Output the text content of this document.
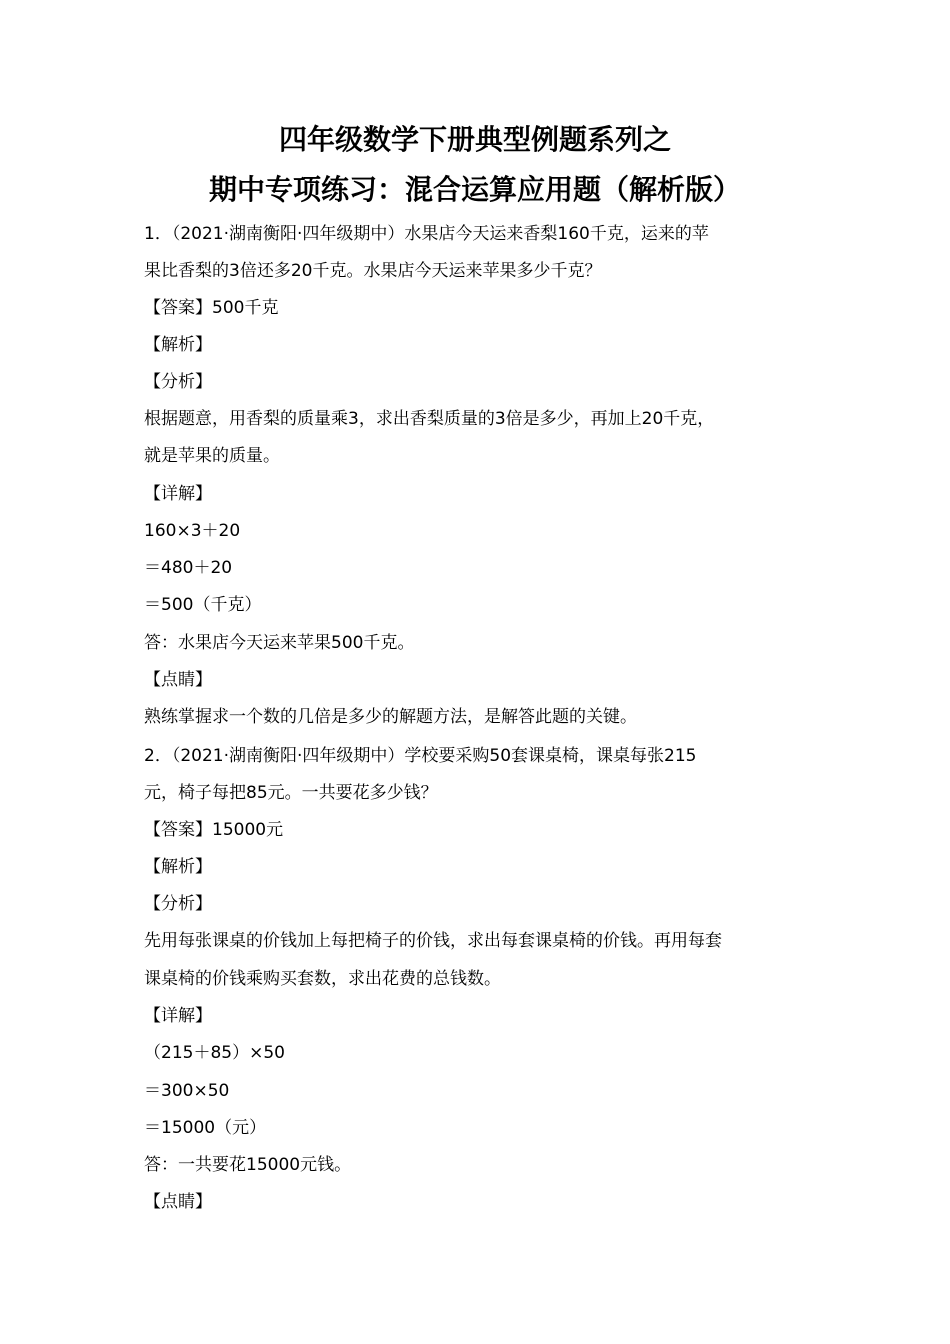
四年级数学下册典型例题系列之
期中专项练习：混合运算应用题（解析版）
1．（2021·湖南衡阳·四年级期中）水果店今天运来香梨160千克，运来的苹
果比香梨的3倍还多20千克。水果店今天运来苹果多少千克？
【答案】500千克
【解析】
【分析】
根据题意，用香梨的质量乘3，求出香梨质量的3倍是多少，再加上20千克，
就是苹果的质量。
【详解】
160×3＋20
＝480＋20
＝500（千克）
答：水果店今天运来苹果500千克。
【点睛】
熟练掌握求一个数的几倍是多少的解题方法，是解答此题的关键。
2．（2021·湖南衡阳·四年级期中）学校要采购50套课桌椅，课桌每张215
元，椅子每把85元。一共要花多少钱？
【答案】15000元
【解析】
【分析】
先用每张课桌的价钱加上每把椅子的价钱，求出每套课桌椅的价钱。再用每套
课桌椅的价钱乘购买套数，求出花费的总钱数。
【详解】
（215＋85）×50
＝300×50
＝15000（元）
答：一共要花15000元钱。
【点睛】
